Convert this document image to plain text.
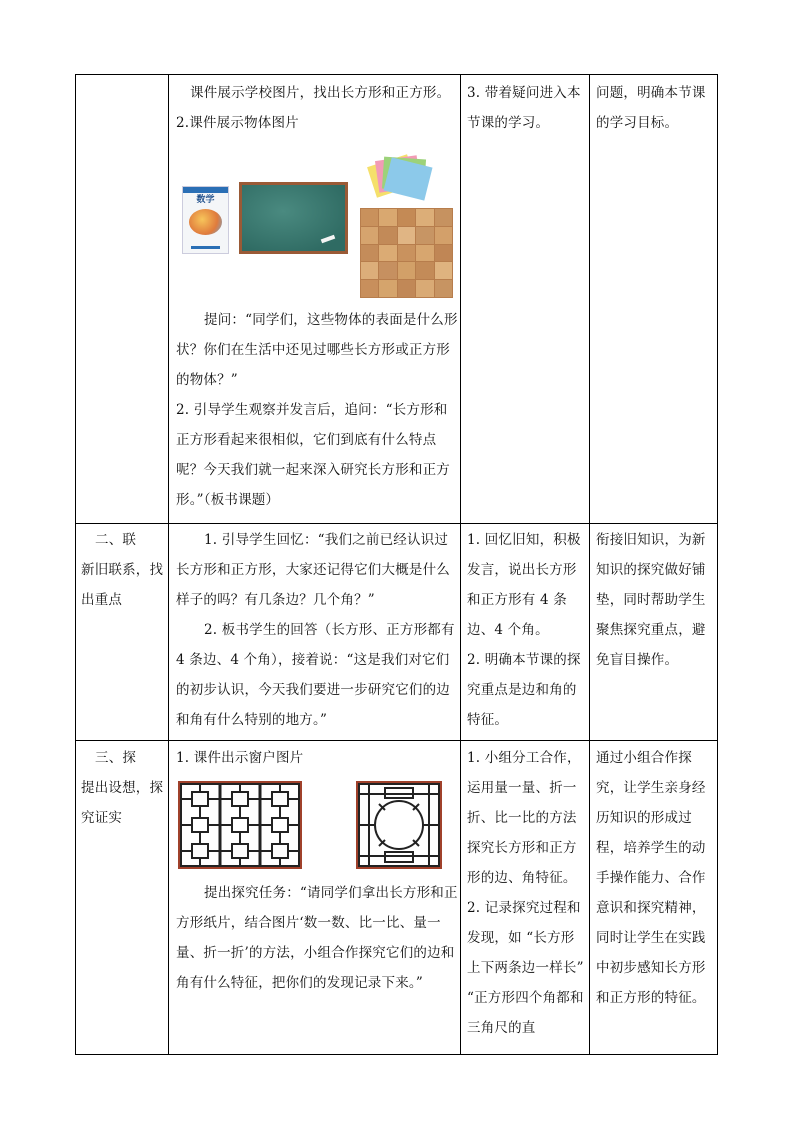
课件展示学校图片，找出长方形和正方形。

2.课件展示物体图片

数学

提问：“同学们，这些物体的表面是什么形状？你们在生活中还见过哪些长方形或正方形的物体？”

2. 引导学生观察并发言后，追问：“长方形和正方形看起来很相似，它们到底有什么特点呢？今天我们就一起来深入研究长方形和正方形。”（板书课题）

3. 带着疑问进入本节课的学习。

问题，明确本节课的学习目标。

二、联

新旧联系，找出重点

1. 引导学生回忆：“我们之前已经认识过长方形和正方形，大家还记得它们大概是什么样子的吗？有几条边？几个角？”

2. 板书学生的回答（长方形、正方形都有 4 条边、4 个角），接着说：“这是我们对它们的初步认识，今天我们要进一步研究它们的边和角有什么特别的地方。”

1. 回忆旧知，积极发言，说出长方形和正方形有 4 条边、4 个角。

2. 明确本节课的探究重点是边和角的特征。

衔接旧知识，为新知识的探究做好铺垫，同时帮助学生聚焦探究重点，避免盲目操作。

三、探

提出设想，探究证实

1. 课件出示窗户图片

提出探究任务：“请同学们拿出长方形和正方形纸片，结合图片‘数一数、比一比、量一量、折一折’的方法，小组合作探究它们的边和角有什么特征，把你们的发现记录下来。”

1. 小组分工合作，运用量一量、折一折、比一比的方法探究长方形和正方形的边、角特征。

2. 记录探究过程和发现，如 “长方形上下两条边一样长” “正方形四个角都和三角尺的直

通过小组合作探究，让学生亲身经历知识的形成过程，培养学生的动手操作能力、合作意识和探究精神，同时让学生在实践中初步感知长方形和正方形的特征。
